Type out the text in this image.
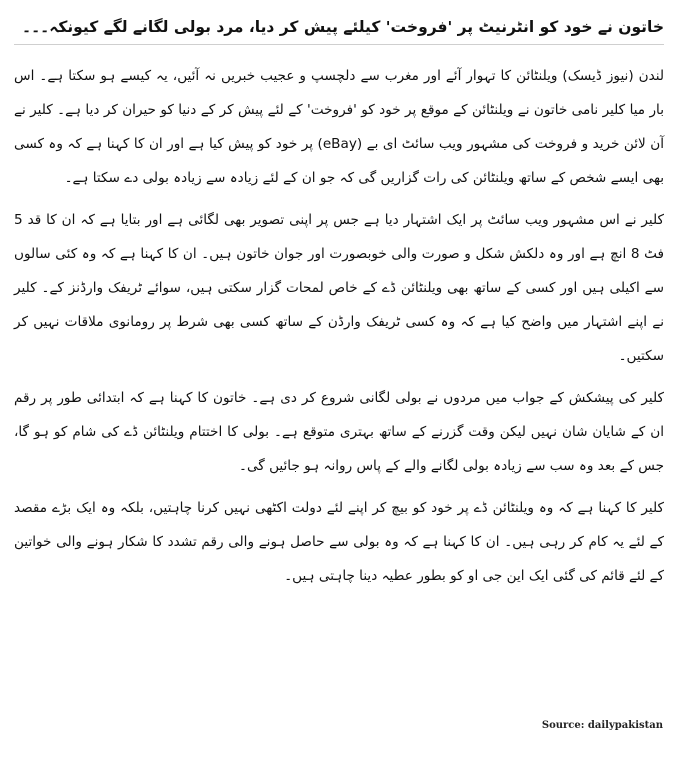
خاتون نے خود کو انٹرنیٹ پر 'فروخت' کیلئے پیش کر دیا، مرد بولی لگانے لگے کیونکہ۔۔۔

لندن (نیوز ڈیسک) ویلنٹائن کا تہوار آئے اور مغرب سے دلچسپ و عجیب خبریں نہ آئیں، یہ کیسے ہو سکتا ہے۔ اس بار میا کلیر نامی خاتون نے ویلنٹائن کے موقع پر خود کو 'فروخت' کے لئے پیش کر کے دنیا کو حیران کر دیا ہے۔ کلیر نے آن لائن خرید و فروخت کی مشہور ویب سائٹ ای بے (eBay) پر خود کو پیش کیا ہے اور ان کا کہنا ہے کہ وہ کسی بھی ایسے شخص کے ساتھ ویلنٹائن کی رات گزاریں گی کہ جو ان کے لئے زیادہ سے زیادہ بولی دے سکتا ہے۔

کلیر نے اس مشہور ویب سائٹ پر ایک اشتہار دیا ہے جس پر اپنی تصویر بھی لگائی ہے اور بتایا ہے کہ ان کا قد 5 فٹ 8 انچ ہے اور وہ دلکش شکل و صورت والی خوبصورت اور جوان خاتون ہیں۔ ان کا کہنا ہے کہ وہ کئی سالوں سے اکیلی ہیں اور کسی کے ساتھ بھی ویلنٹائن ڈے کے خاص لمحات گزار سکتی ہیں، سوائے ٹریفک وارڈنز کے۔ کلیر نے اپنے اشتہار میں واضح کیا ہے کہ وہ کسی ٹریفک وارڈن کے ساتھ کسی بھی شرط پر رومانوی ملاقات نہیں کر سکتیں۔

کلیر کی پیشکش کے جواب میں مردوں نے بولی لگانی شروع کر دی ہے۔ خاتون کا کہنا ہے کہ ابتدائی طور پر رقم ان کے شایان شان نہیں لیکن وقت گزرنے کے ساتھ بہتری متوقع ہے۔ بولی کا اختتام ویلنٹائن ڈے کی شام کو ہو گا، جس کے بعد وہ سب سے زیادہ بولی لگانے والے کے پاس روانہ ہو جائیں گی۔

کلیر کا کہنا ہے کہ وہ ویلنٹائن ڈے پر خود کو بیچ کر اپنے لئے دولت اکٹھی نہیں کرنا چاہتیں، بلکہ وہ ایک بڑے مقصد کے لئے یہ کام کر رہی ہیں۔ ان کا کہنا ہے کہ وہ بولی سے حاصل ہونے والی رقم تشدد کا شکار ہونے والی خواتین کے لئے قائم کی گئی ایک این جی او کو بطور عطیہ دینا چاہتی ہیں۔

Source: dailypakistan
